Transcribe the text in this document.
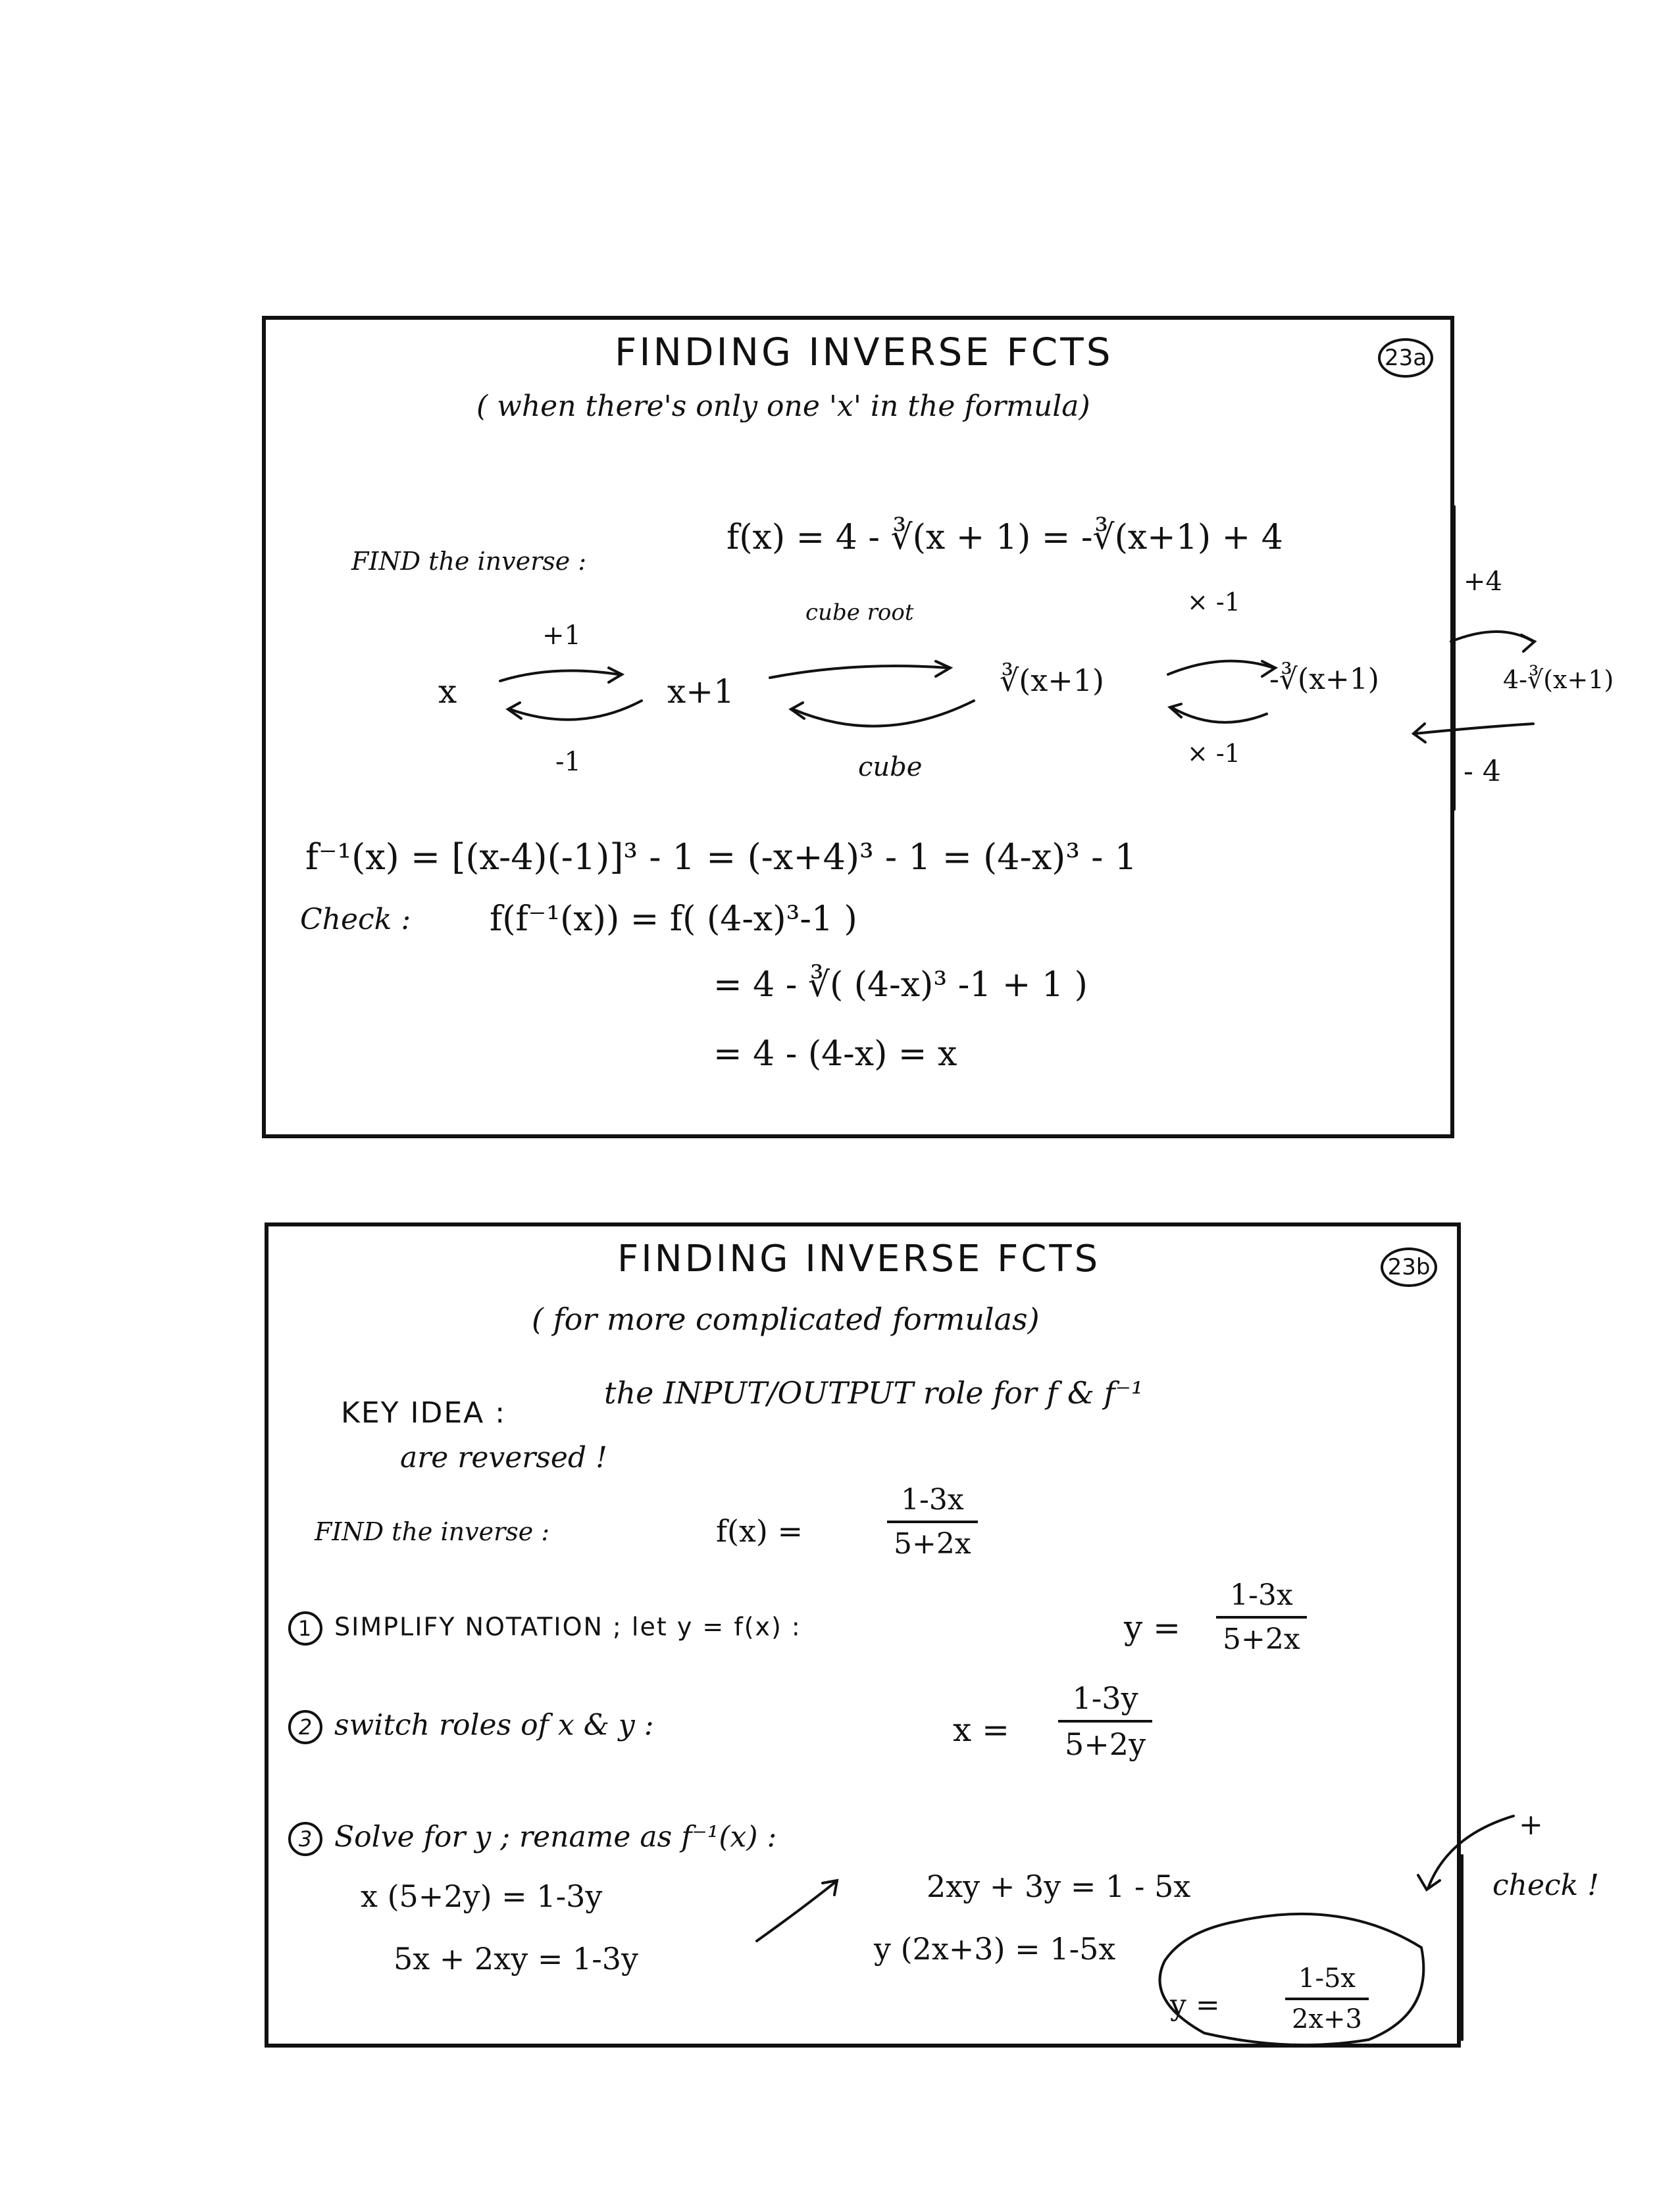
FINDING INVERSE FCTS	23a
( when there's only one 'x' in the formula)
FIND the inverse :
f(x) = 4 - ∛(x + 1) = -∛(x+1) + 4
x
+1
-1
x+1
cube root
cube
∛(x+1)
× -1
× -1
-∛(x+1)
+4
- 4
4-∛(x+1)
f⁻¹(x) = [(x-4)(-1)]³ - 1 = (-x+4)³ - 1 = (4-x)³ - 1
Check : f(f⁻¹(x)) = f( (4-x)³-1 )
= 4 - ∛( (4-x)³ -1 + 1 )
= 4 - (4-x) = x
FINDING INVERSE FCTS	23b
( for more complicated formulas)
KEY IDEA :
the INPUT/OUTPUT role for f & f⁻¹
are reversed !
FIND the inverse :	f(x) =
1-3x
5+2x
1 SIMPLIFY NOTATION ; let y = f(x) :	y =
1-3x
5+2x
2 switch roles of x & y :	x =
1-3y
5+2y
3 Solve for y ; rename as f⁻¹(x) :
x (5+2y) = 1-3y
5x + 2xy = 1-3y
2xy + 3y = 1 - 5x
y (2x+3) = 1-5x
y =
1-5x
2x+3
+
check !
